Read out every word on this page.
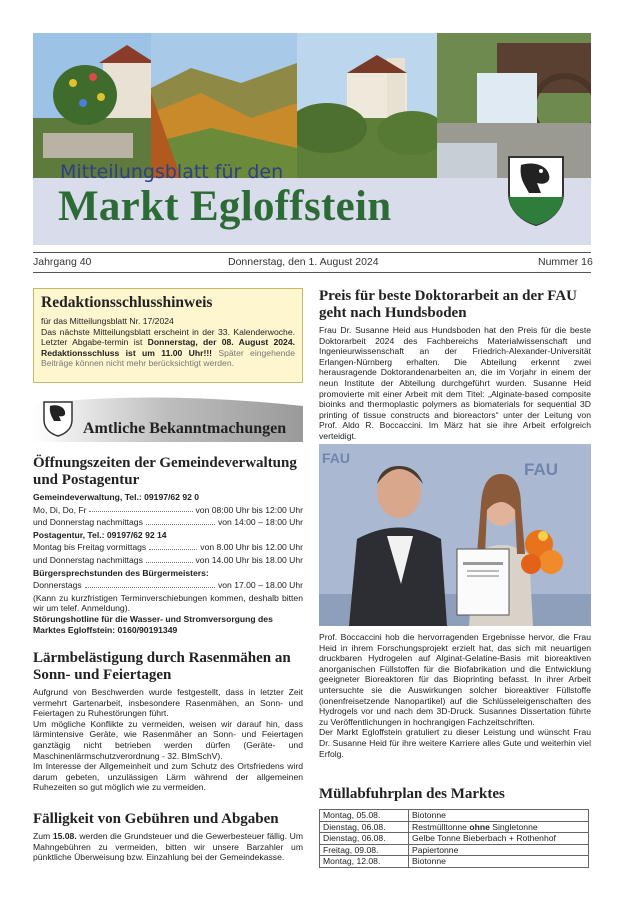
Mitteilungsblatt für den
Markt Egloffstein
Jahrgang 40	Donnerstag, den 1. August 2024	Nummer 16
Redaktionsschlusshinweis
für das Mitteilungsblatt Nr. 17/2024
Das nächste Mitteilungsblatt erscheint in der 33. Kalenderwoche. Letzter Abgabe-termin ist Donnerstag, der 08. August 2024. Redaktionsschluss ist um 11.00 Uhr!!! Später eingehende Beiträge können nicht mehr berücksichtigt werden.
Amtliche Bekanntmachungen
Öffnungszeiten der Gemeindeverwaltung und Postagentur
Gemeindeverwaltung, Tel.: 09197/62 92 0
Mo, Di, Do, Fr	von 08:00 Uhr bis 12:00 Uhr
und Donnerstag nachmittags	von 14:00 – 18:00 Uhr
Postagentur, Tel.: 09197/62 92 14
Montag bis Freitag vormittags	von 8.00 Uhr bis 12.00 Uhr
und Donnerstag nachmittags	von 14.00 Uhr bis 18.00 Uhr
Bürgersprechstunden des Bürgermeisters:
Donnerstags	von 17.00 – 18.00 Uhr
(Kann zu kurzfristigen Terminverschiebungen kommen, deshalb bitten wir um telef. Anmeldung).
Störungshotline für die Wasser- und Stromversorgung des Marktes Egloffstein: 0160/90191349
Lärmbelästigung durch Rasenmähen an Sonn- und Feiertagen
Aufgrund von Beschwerden wurde festgestellt, dass in letzter Zeit vermehrt Gartenarbeit, insbesondere Rasenmähen, an Sonn- und Feiertagen zu Ruhestörungen führt.
Um mögliche Konflikte zu vermeiden, weisen wir darauf hin, dass lärmintensive Geräte, wie Rasenmäher an Sonn- und Feiertagen ganztägig nicht betrieben werden dürfen (Geräte- und Maschinenlärmschutzverordnung - 32. BImSchV).
Im Interesse der Allgemeinheit und zum Schutz des Ortsfriedens wird darum gebeten, unzulässigen Lärm während der allgemeinen Ruhezeiten so gut möglich wie zu vermeiden.
Fälligkeit von Gebühren und Abgaben
Zum 15.08. werden die Grundsteuer und die Gewerbesteuer fällig. Um Mahngebühren zu vermeiden, bitten wir unsere Barzahler um pünktliche Überweisung bzw. Einzahlung bei der Gemeindekasse.
Preis für beste Doktorarbeit an der FAU geht nach Hundsboden
Frau Dr. Susanne Heid aus Hundsboden hat den Preis für die beste Doktorarbeit 2024 des Fachbereichs Materialwissenschaft und Ingenieurwissenschaft an der Friedrich-Alexander-Universität Erlangen-Nürnberg erhalten. Die Abteilung erkennt zwei herausragende Doktorandenarbeiten an, die im Vorjahr in einem der neun Institute der Abteilung durchgeführt wurden. Susanne Heid promovierte mit einer Arbeit mit dem Titel: „Alginate-based composite bioinks and thermoplastic polymers as biomaterials for sequential 3D printing of tissue constructs and bioreactors“ unter der Leitung von Prof. Aldo R. Boccaccini. Im März hat sie ihre Arbeit erfolgreich verteidigt.
FAU
FAU
Prof. Boccaccini hob die hervorragenden Ergebnisse hervor, die Frau Heid in ihrem Forschungsprojekt erzielt hat, das sich mit neuartigen druckbaren Hydrogelen auf Alginat-Gelatine-Basis mit bioreaktiven anorganischen Füllstoffen für die Biofabrikation und die Entwicklung geeigneter Bioreaktoren für das Bioprinting befasst. In ihrer Arbeit untersuchte sie die Auswirkungen solcher bioreaktiver Füllstoffe (ionenfreisetzende Nanopartikel) auf die Schlüsseleigenschaften des Hydrogels vor und nach dem 3D-Druck. Susannes Dissertation führte zu Veröffentlichungen in hochrangigen Fachzeitschriften.
Der Markt Egloffstein gratuliert zu dieser Leistung und wünscht Frau Dr. Susanne Heid für ihre weitere Karriere alles Gute und weiterhin viel Erfolg.
Müllabfuhrplan des Marktes
Montag, 05.08.	Biotonne
Dienstag, 06.08.	Restmülltonne ohne Singletonne
Dienstag, 06.08.	Gelbe Tonne Bieberbach + Rothenhof
Freitag, 09.08.	Papiertonne
Montag, 12.08.	Biotonne
